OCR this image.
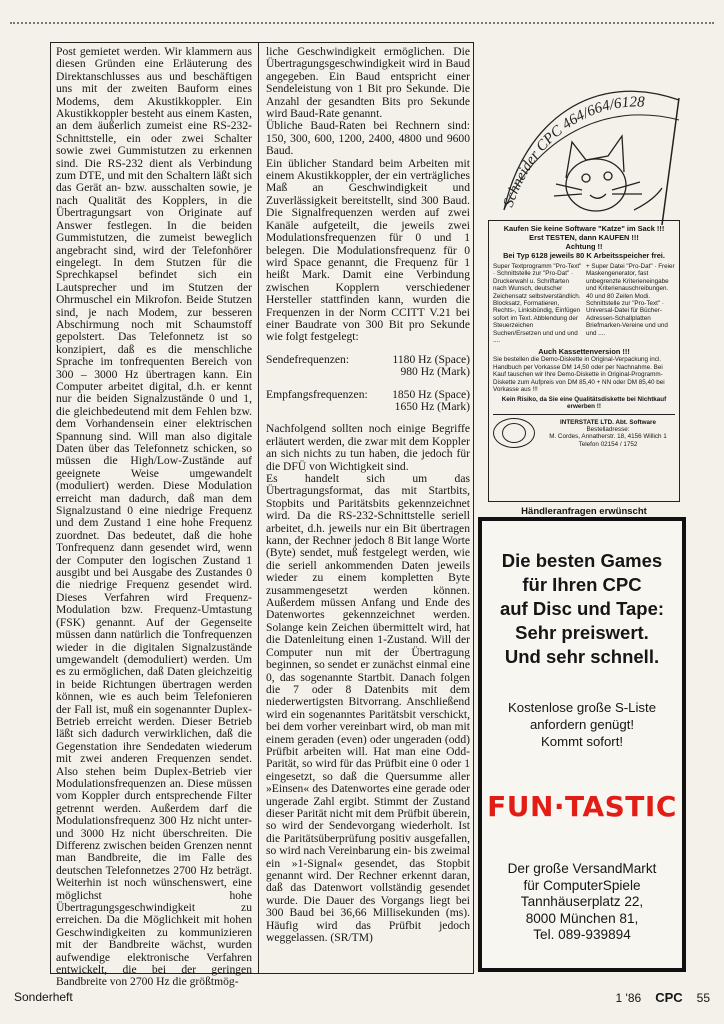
Post gemietet werden. Wir klammern aus diesen Gründen eine Erläuterung des Direktanschlusses aus und beschäftigen uns mit der zweiten Bauform eines Modems, dem Akustikkoppler. Ein Akustikkoppler besteht aus einem Kasten, an dem äußerlich zumeist eine RS-232-Schnittstelle, ein oder zwei Schalter sowie zwei Gummistutzen zu erkennen sind. Die RS-232 dient als Verbindung zum DTE, und mit den Schaltern läßt sich das Gerät an- bzw. ausschalten sowie, je nach Qualität des Kopplers, in die Übertragungsart von Originate auf Answer festlegen. In die beiden Gummistutzen, die zumeist beweglich angebracht sind, wird der Telefonhörer eingelegt. In dem Stutzen für die Sprechkapsel befindet sich ein Lautsprecher und im Stutzen der Ohrmuschel ein Mikrofon. Beide Stutzen sind, je nach Modem, zur besseren Abschirmung noch mit Schaumstoff gepolstert. Das Telefonnetz ist so konzipiert, daß es die menschliche Sprache im tonfrequenten Bereich von 300 – 3000 Hz übertragen kann. Ein Computer arbeitet digital, d.h. er kennt nur die beiden Signalzustände 0 und 1, die gleichbedeutend mit dem Fehlen bzw. dem Vorhandensein einer elektrischen Spannung sind. Will man also digitale Daten über das Telefonnetz schicken, so müssen die High/Low-Zustände auf geeignete Weise umgewandelt (moduliert) werden. Diese Modulation erreicht man dadurch, daß man dem Signalzustand 0 eine niedrige Frequenz und dem Zustand 1 eine hohe Frequenz zuordnet. Das bedeutet, daß die hohe Tonfrequenz dann gesendet wird, wenn der Computer den logischen Zustand 1 ausgibt und bei Ausgabe des Zustandes 0 die niedrige Frequenz gesendet wird. Dieses Verfahren wird Frequenz-Modulation bzw. Frequenz-Umtastung (FSK) genannt. Auf der Gegenseite müssen dann natürlich die Tonfrequenzen wieder in die digitalen Signalzustände umgewandelt (demoduliert) werden. Um es zu ermöglichen, daß Daten gleichzeitig in beide Richtungen übertragen werden können, wie es auch beim Telefonieren der Fall ist, muß ein sogenannter Duplex-Betrieb erreicht werden. Dieser Betrieb läßt sich dadurch verwirklichen, daß die Gegenstation ihre Sendedaten wiederum mit zwei anderen Frequenzen sendet. Also stehen beim Duplex-Betrieb vier Modulationsfrequenzen an. Diese müssen vom Koppler durch entsprechende Filter getrennt werden. Außerdem darf die Modulationsfrequenz 300 Hz nicht unter- und 3000 Hz nicht überschreiten. Die Differenz zwischen beiden Grenzen nennt man Bandbreite, die im Falle des deutschen Telefonnetzes 2700 Hz beträgt. Weiterhin ist noch wünschenswert, eine möglichst hohe Übertragungsgeschwindigkeit zu erreichen. Da die Möglichkeit mit hohen Geschwindigkeiten zu kommunizieren mit der Bandbreite wächst, wurden aufwendige elektronische Verfahren entwickelt, die bei der geringen Bandbreite von 2700 Hz die größtmög-

liche Geschwindigkeit ermöglichen. Die Übertragungsgeschwindigkeit wird in Baud angegeben. Ein Baud entspricht einer Sendeleistung von 1 Bit pro Sekunde. Die Anzahl der gesandten Bits pro Sekunde wird Baud-Rate genannt.

Übliche Baud-Raten bei Rechnern sind: 150, 300, 600, 1200, 2400, 4800 und 9600 Baud.

Ein üblicher Standard beim Arbeiten mit einem Akustikkoppler, der ein verträgliches Maß an Geschwindigkeit und Zuverlässigkeit bereitstellt, sind 300 Baud. Die Signalfrequenzen werden auf zwei Kanäle aufgeteilt, die jeweils zwei Modulationsfrequenzen für 0 und 1 belegen. Die Modulationsfrequenz für 0 wird Space genannt, die Frequenz für 1 heißt Mark. Damit eine Verbindung zwischen Kopplern verschiedener Hersteller stattfinden kann, wurden die Frequenzen in der Norm CCITT V.21 bei einer Baudrate von 300 Bit pro Sekunde wie folgt festgelegt:

Sendefrequenzen:	1180 Hz (Space)
980 Hz (Mark)
Empfangsfrequenzen: 1850 Hz (Space)
1650 Hz (Mark)

Nachfolgend sollten noch einige Begriffe erläutert werden, die zwar mit dem Koppler an sich nichts zu tun haben, die jedoch für die DFÜ von Wichtigkeit sind.

Es handelt sich um das Übertragungsformat, das mit Startbits, Stopbits und Paritätsbits gekennzeichnet wird. Da die RS-232-Schnittstelle seriell arbeitet, d.h. jeweils nur ein Bit übertragen kann, der Rechner jedoch 8 Bit lange Worte (Byte) sendet, muß festgelegt werden, wie die seriell ankommenden Daten jeweils wieder zu einem kompletten Byte zusammengesetzt werden können. Außerdem müssen Anfang und Ende des Datenwortes gekennzeichnet werden. Solange kein Zeichen übermittelt wird, hat die Datenleitung einen 1-Zustand. Will der Computer nun mit der Übertragung beginnen, so sendet er zunächst einmal eine 0, das sogenannte Startbit. Danach folgen die 7 oder 8 Datenbits mit dem niederwertigsten Bitvorrang. Anschließend wird ein sogenanntes Paritätsbit verschickt, bei dem vorher vereinbart wird, ob man mit einem geraden (even) oder ungeraden (odd) Prüfbit arbeiten will. Hat man eine Odd-Parität, so wird für das Prüfbit eine 0 oder 1 eingesetzt, so daß die Quersumme aller »Einsen« des Datenwortes eine gerade oder ungerade Zahl ergibt. Stimmt der Zustand dieser Parität nicht mit dem Prüfbit überein, so wird der Sendevorgang wiederholt. Ist die Paritätsüberprüfung positiv ausgefallen, so wird nach Vereinbarung ein- bis zweimal ein »1-Signal« gesendet, das Stopbit genannt wird. Der Rechner erkennt daran, daß das Datenwort vollständig gesendet wurde. Die Dauer des Vorgangs liegt bei 300 Baud bei 36,66 Millisekunden (ms). Häufig wird das Prüfbit jedoch weggelassen. (SR/TM)

Schneider CPC 464/664/6128
Kaufen Sie keine Software "Katze" im Sack !!!
Erst TESTEN, dann KAUFEN !!!
Achtung !!
Bei Typ 6128 jeweils 80 K Arbeitsspeicher frei.
Super Textprogramm "Pro-Text" · Schnittstelle zur "Pro-Dat" · Druckerwahl u. Schriftarten nach Wunsch, deutscher Zeichensatz selbstverständlich. Blocksatz, Formatieren, Rechts-, Linksbündig, Einfügen sofort im Text. Abblendung der Steuerzeichen Suchen/Ersetzen und und und ....
+ Super Datei "Pro-Dat" · Freier Maskengenerator, fast unbegrenzte Kriterieneingabe und Kriterienauschreibungen. 40 und 80 Zeilen Modi. Schnittstelle zur "Pro-Text" · Universal-Datei für Bücher-Adressen-Schallplatten Briefmarken-Vereine und und und ....
Auch Kassettenversion !!!
Sie bestellen die Demo-Diskette in Original-Verpackung incl. Handbuch per Vorkasse DM 14,50 oder per Nachnahme. Bei Kauf tauschen wir Ihre Demo-Diskette in Original-Programm-Diskette zum Aufpreis von DM 85,40 + NN oder DM 85,40 bei Vorkasse aus !!!
Kein Risiko, da Sie eine Qualitätsdiskette bei Nichtkauf erwerben !!
INTERSTATE LTD. Abt. Software
Bestelladresse:
M. Cordes, Annatherstr. 18, 4156 Willich 1
Telefon 02154 / 1752
Händleranfragen erwünscht
Die besten Games
für Ihren CPC
auf Disc und Tape:
Sehr preiswert.
Und sehr schnell.
Kostenlose große S-Liste
anfordern genügt!
Kommt sofort!
FUN·TASTIC
Der große VersandMarkt
für ComputerSpiele
Tannhäuserplatz 22,
8000 München 81,
Tel. 089-939894
Sonderheft	1 '86 CPC 55
